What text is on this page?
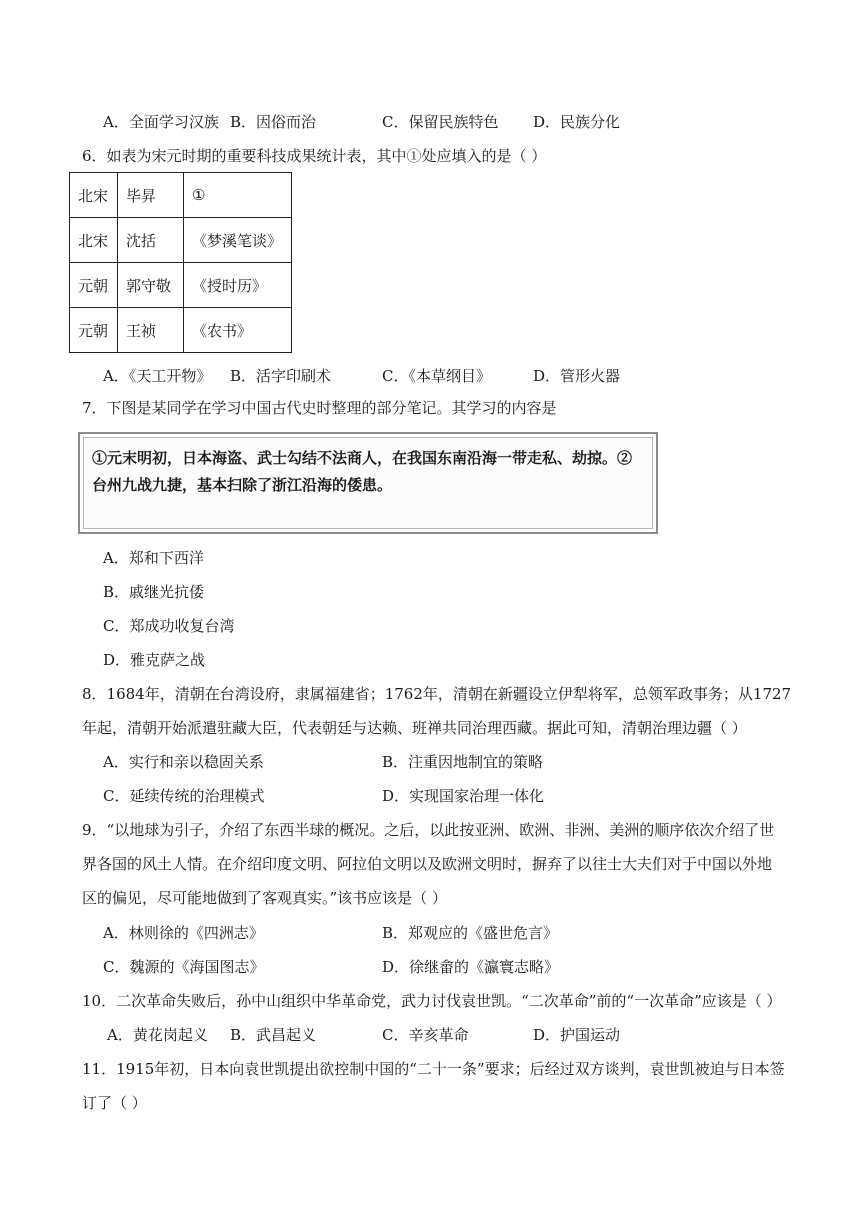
A．全面学习汉族 B．因俗而治	C．保留民族特色 D．民族分化
6．如表为宋元时期的重要科技成果统计表，其中①处应填入的是（ ）
北宋	毕昇	①
北宋	沈括	《梦溪笔谈》
元朝	郭守敬	《授时历》
元朝	王祯	《农书》
A．《天工开物》 B．活字印刷术	C．《本草纲目》	D．管形火器
7．下图是某同学在学习中国古代史时整理的部分笔记。其学习的内容是
①元末明初，日本海盗、武士勾结不法商人，在我国东南沿海一带走私、劫掠。②
台州九战九捷，基本扫除了浙江沿海的倭患。
A．郑和下西洋
B．戚继光抗倭
C．郑成功收复台湾
D．雅克萨之战
8．1684年，清朝在台湾设府，隶属福建省；1762年，清朝在新疆设立伊犁将军，总领军政事务；从1727
年起，清朝开始派遣驻藏大臣，代表朝廷与达赖、班禅共同治理西藏。据此可知，清朝治理边疆（ ）
A．实行和亲以稳固关系	B．注重因地制宜的策略
C．延续传统的治理模式	D．实现国家治理一体化
9．“以地球为引子，介绍了东西半球的概况。之后，以此按亚洲、欧洲、非洲、美洲的顺序依次介绍了世
界各国的风土人情。在介绍印度文明、阿拉伯文明以及欧洲文明时，摒弃了以往士大夫们对于中国以外地
区的偏见，尽可能地做到了客观真实。”该书应该是（ ）
A．林则徐的《四洲志》	B．郑观应的《盛世危言》
C．魏源的《海国图志》	D．徐继畲的《瀛寰志略》
10．二次革命失败后，孙中山组织中华革命党，武力讨伐袁世凯。“二次革命”前的“一次革命”应该是（ ）
A．黄花岗起义 B．武昌起义	C．辛亥革命	D．护国运动
11．1915年初，日本向袁世凯提出欲控制中国的“二十一条”要求；后经过双方谈判，袁世凯被迫与日本签
订了（ ）
